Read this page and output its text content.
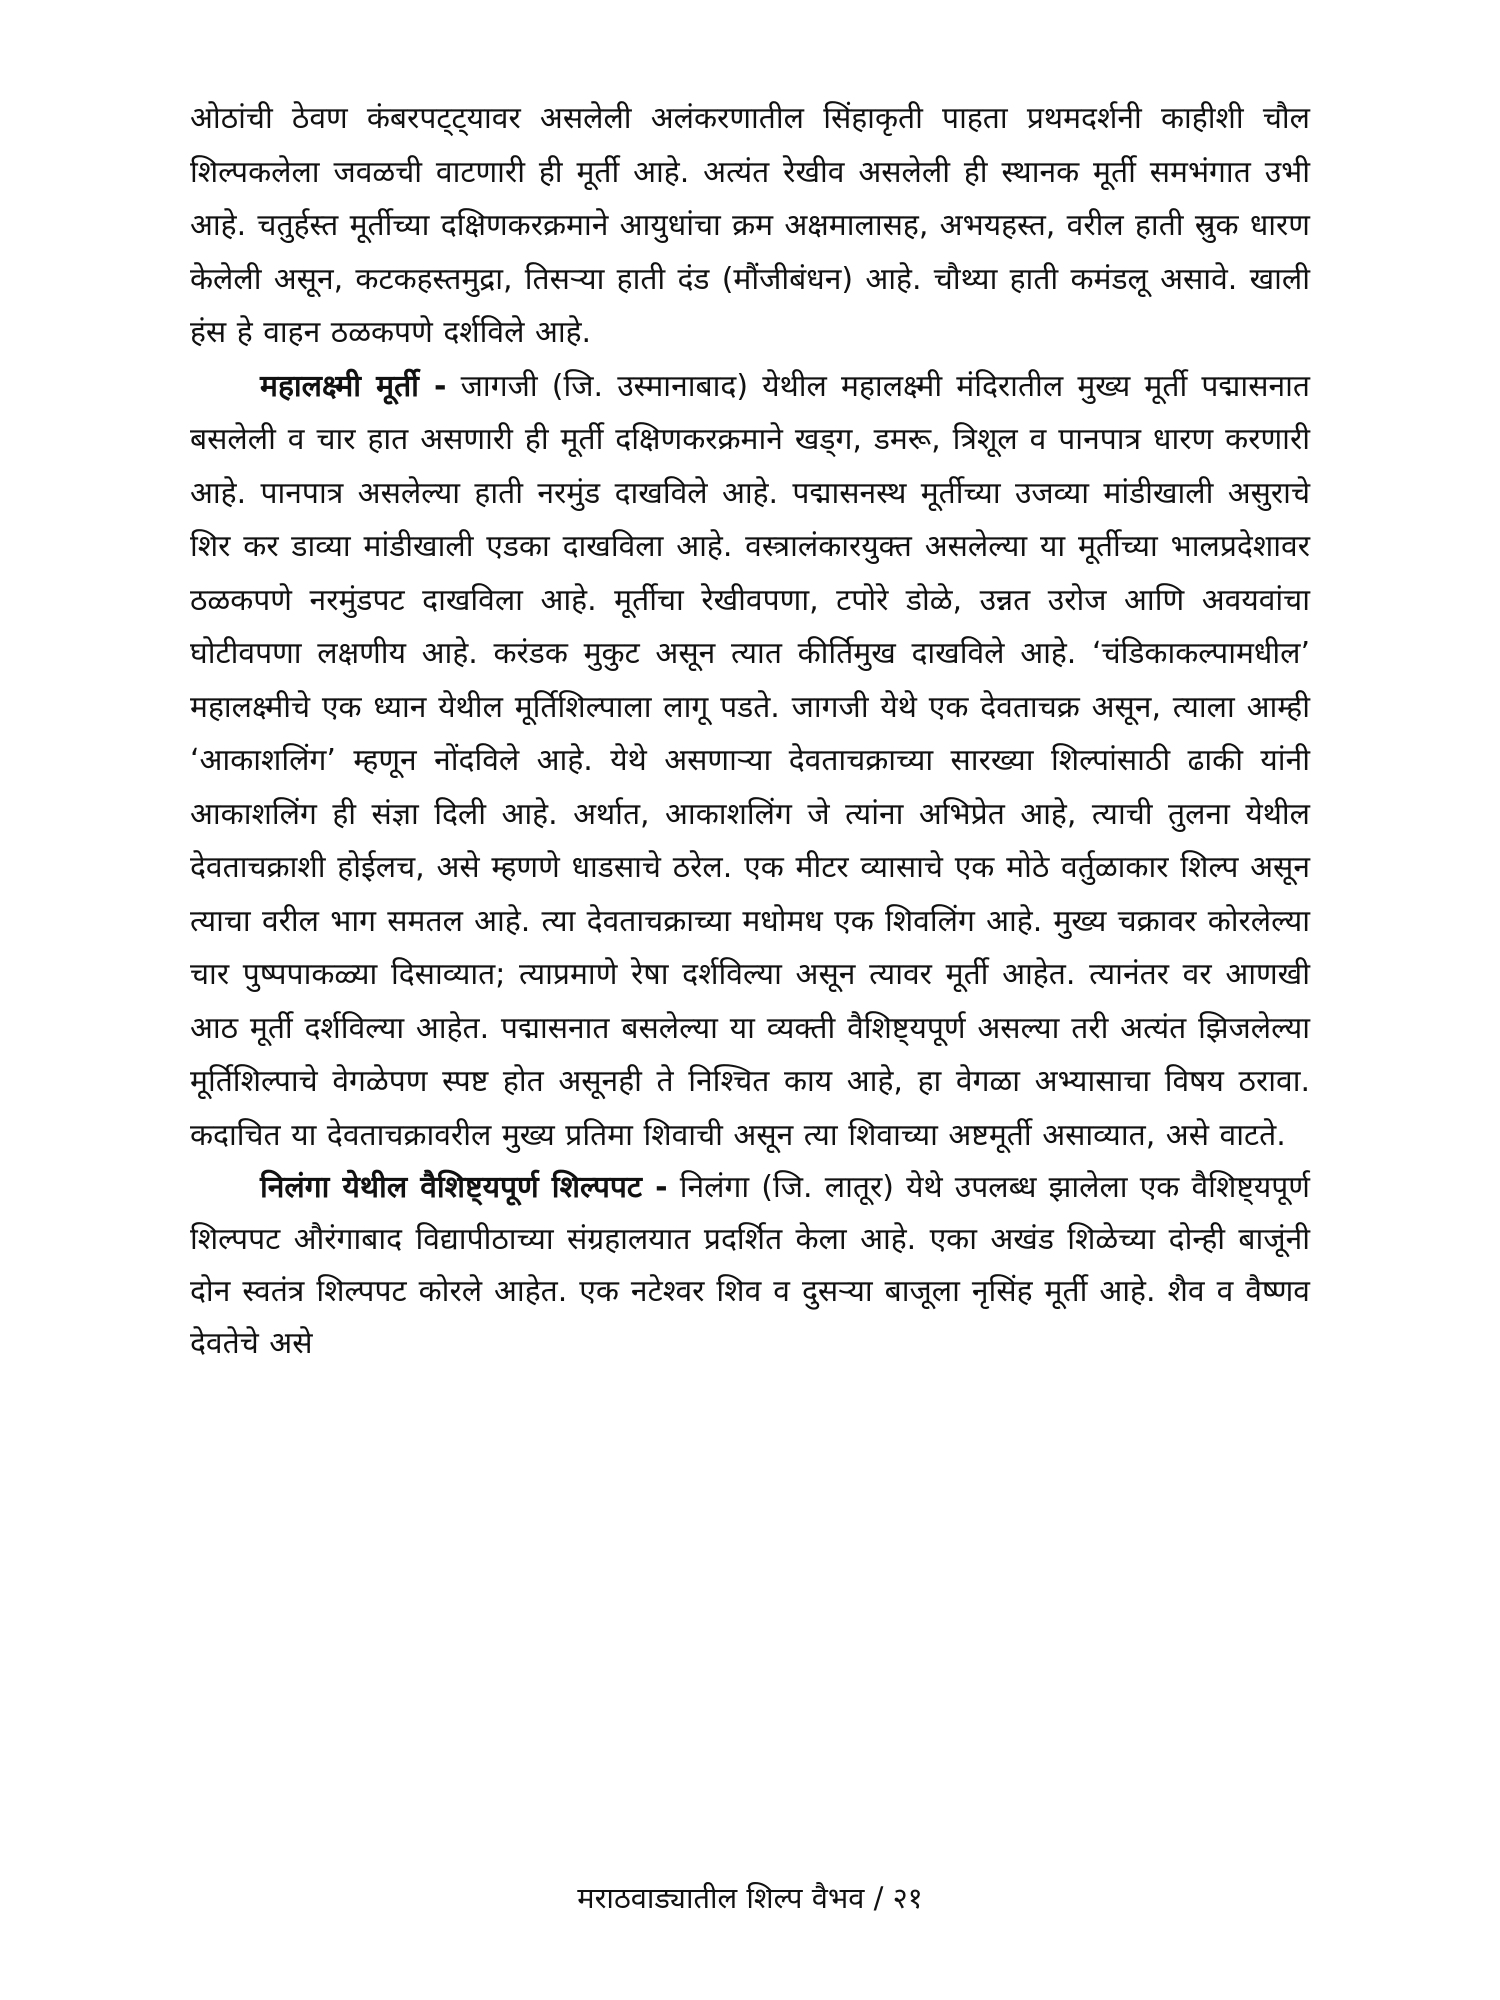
ओठांची ठेवण कंबरपट्ट्यावर असलेली अलंकरणातील सिंहाकृती पाहता प्रथमदर्शनी काहीशी चौल शिल्पकलेला जवळची वाटणारी ही मूर्ती आहे. अत्यंत रेखीव असलेली ही स्थानक मूर्ती समभंगात उभी आहे. चतुर्हस्त मूर्तीच्या दक्षिणकरक्रमाने आयुधांचा क्रम अक्षमालासह, अभयहस्त, वरील हाती स्रुक धारण केलेली असून, कटकहस्तमुद्रा, तिसऱ्या हाती दंड (मौंजीबंधन) आहे. चौथ्या हाती कमंडलू असावे. खाली हंस हे वाहन ठळकपणे दर्शविले आहे.

महालक्ष्मी मूर्ती - जागजी (जि. उस्मानाबाद) येथील महालक्ष्मी मंदिरातील मुख्य मूर्ती पद्मासनात बसलेली व चार हात असणारी ही मूर्ती दक्षिणकरक्रमाने खड्ग, डमरू, त्रिशूल व पानपात्र धारण करणारी आहे. पानपात्र असलेल्या हाती नरमुंड दाखविले आहे. पद्मासनस्थ मूर्तीच्या उजव्या मांडीखाली असुराचे शिर कर डाव्या मांडीखाली एडका दाखविला आहे. वस्त्रालंकारयुक्त असलेल्या या मूर्तीच्या भालप्रदेशावर ठळकपणे नरमुंडपट दाखविला आहे. मूर्तीचा रेखीवपणा, टपोरे डोळे, उन्नत उरोज आणि अवयवांचा घोटीवपणा लक्षणीय आहे. करंडक मुकुट असून त्यात कीर्तिमुख दाखविले आहे. ‘चंडिकाकल्पामधील’ महालक्ष्मीचे एक ध्यान येथील मूर्तिशिल्पाला लागू पडते. जागजी येथे एक देवताचक्र असून, त्याला आम्ही ‘आकाशलिंग’ म्हणून नोंदविले आहे. येथे असणाऱ्या देवताचक्राच्या सारख्या शिल्पांसाठी ढाकी यांनी आकाशलिंग ही संज्ञा दिली आहे. अर्थात, आकाशलिंग जे त्यांना अभिप्रेत आहे, त्याची तुलना येथील देवताचक्राशी होईलच, असे म्हणणे धाडसाचे ठरेल. एक मीटर व्यासाचे एक मोठे वर्तुळाकार शिल्प असून त्याचा वरील भाग समतल आहे. त्या देवताचक्राच्या मधोमध एक शिवलिंग आहे. मुख्य चक्रावर कोरलेल्या चार पुष्पपाकळ्या दिसाव्यात; त्याप्रमाणे रेषा दर्शविल्या असून त्यावर मूर्ती आहेत. त्यानंतर वर आणखी आठ मूर्ती दर्शविल्या आहेत. पद्मासनात बसलेल्या या व्यक्ती वैशिष्ट्यपूर्ण असल्या तरी अत्यंत झिजलेल्या मूर्तिशिल्पाचे वेगळेपण स्पष्ट होत असूनही ते निश्चित काय आहे, हा वेगळा अभ्यासाचा विषय ठरावा. कदाचित या देवताचक्रावरील मुख्य प्रतिमा शिवाची असून त्या शिवाच्या अष्टमूर्ती असाव्यात, असे वाटते.

निलंगा येथील वैशिष्ट्यपूर्ण शिल्पपट - निलंगा (जि. लातूर) येथे उपलब्ध झालेला एक वैशिष्ट्यपूर्ण शिल्पपट औरंगाबाद विद्यापीठाच्या संग्रहालयात प्रदर्शित केला आहे. एका अखंड शिळेच्या दोन्ही बाजूंनी दोन स्वतंत्र शिल्पपट कोरले आहेत. एक नटेश्वर शिव व दुसऱ्या बाजूला नृसिंह मूर्ती आहे. शैव व वैष्णव देवतेचे असे

मराठवाड्यातील शिल्प वैभव / २१
